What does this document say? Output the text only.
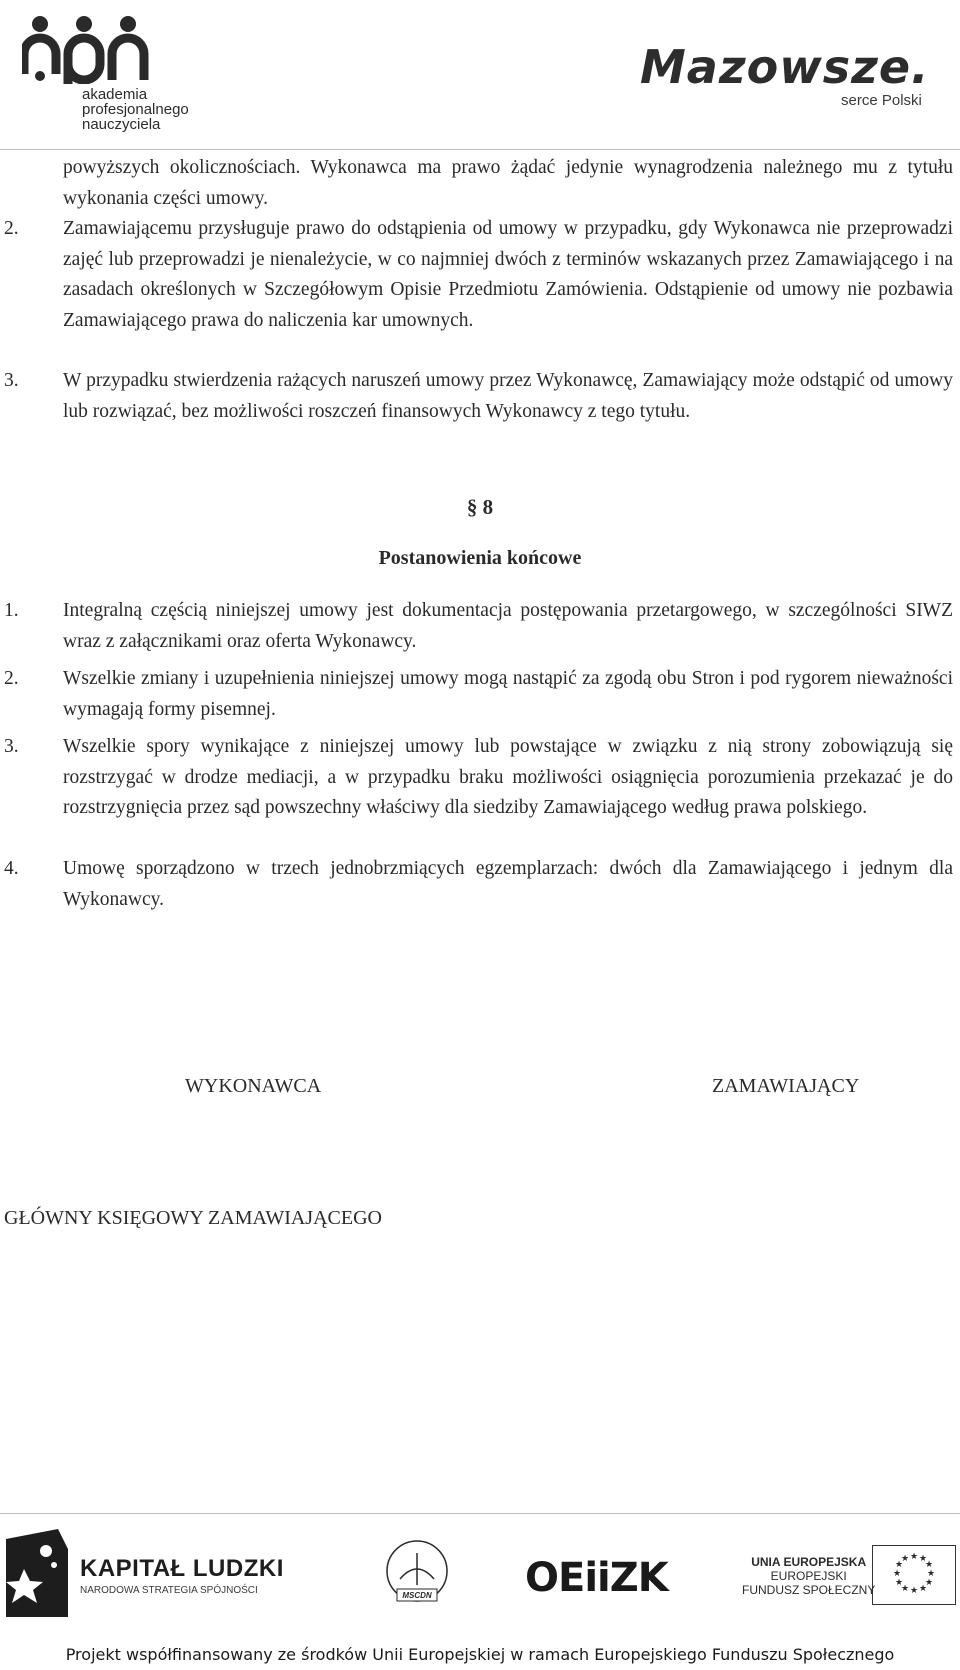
akademia
profesjonalnego
nauczyciela
Mazowsze.
serce Polski
powyższych okolicznościach. Wykonawca ma prawo żądać jedynie wynagrodzenia należnego mu z tytułu wykonania części umowy.
2. Zamawiającemu przysługuje prawo do odstąpienia od umowy w przypadku, gdy Wykonawca nie przeprowadzi zajęć lub przeprowadzi je nienależycie, w co najmniej dwóch z terminów wskazanych przez Zamawiającego i na zasadach określonych w Szczegółowym Opisie Przedmiotu Zamówienia. Odstąpienie od umowy nie pozbawia Zamawiającego prawa do naliczenia kar umownych.
3. W przypadku stwierdzenia rażących naruszeń umowy przez Wykonawcę, Zamawiający może odstąpić od umowy lub rozwiązać, bez możliwości roszczeń finansowych Wykonawcy z tego tytułu.
§ 8
Postanowienia końcowe
1. Integralną częścią niniejszej umowy jest dokumentacja postępowania przetargowego, w szczególności SIWZ wraz z załącznikami oraz oferta Wykonawcy.
2. Wszelkie zmiany i uzupełnienia niniejszej umowy mogą nastąpić za zgodą obu Stron i pod rygorem nieważności wymagają formy pisemnej.
3. Wszelkie spory wynikające z niniejszej umowy lub powstające w związku z nią strony zobowiązują się rozstrzygać w drodze mediacji, a w przypadku braku możliwości osiągnięcia porozumienia przekazać je do rozstrzygnięcia przez sąd powszechny właściwy dla siedziby Zamawiającego według prawa polskiego.
4. Umowę sporządzono w trzech jednobrzmiących egzemplarzach: dwóch dla Zamawiającego i jednym dla Wykonawcy.
WYKONAWCA	ZAMAWIAJĄCY
GŁÓWNY KSIĘGOWY ZAMAWIAJĄCEGO
KAPITAŁ LUDZKI
NARODOWA STRATEGIA SPÓJNOŚCI	MSCDN OEiiZK	UNIA EUROPEJSKA
EUROPEJSKI
FUNDUSZ SPOŁECZNY
★ ★
★
★
★
★
★
★
★
★
★
★
Projekt współfinansowany ze środków Unii Europejskiej w ramach Europejskiego Funduszu Społecznego
